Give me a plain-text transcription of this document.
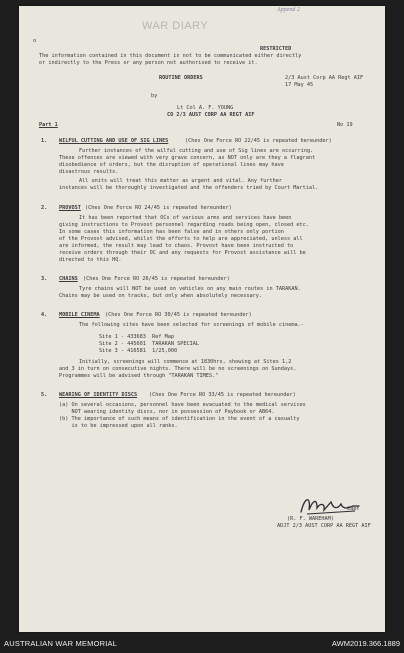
WAR DIARY
Append 2
o
RESTRICTED
The information contained in this document is not to be communicated either directly
or indirectly to the Press or any person not authorised to receive it.
ROUTINE ORDERS	2/3 Aust Corp AA Regt AIF
17 May 45
by
Lt Col A. F. YOUNG
CO 2/3 AUST CORP AA REGT AIF
Part 1	No 19
1. WILFUL CUTTING AND USE OF SIG LINES	(Ches One Force RO 22/45 is repeated hereunder)
Further instances of the wilful cutting and use of Sig lines are occurring.
These offences are viewed with very grave concern, as NOT only are they a flagrant
disobedience of orders, but the disruption of operational lines may have
disastrous results.
All units will treat this matter as urgent and vital. Any further
instances will be thoroughly investigated and the offenders tried by Court Martial.
2. PROVOST (Ches One Force RO 24/45 is repeated hereunder)
It has been reported that OCs of various arms and services have been
giving instructions to Provost personnel regarding roads being open, closed etc.
In some cases this information has been false and in others only portion
of the Provost advised, whilst the efforts to help are appreciated, unless all
are informed, the result may lead to chaos. Provost have been instructed to
receive orders through their OC and any requests for Provost assistance will be
directed to this HQ.
3. CHAINS (Ches One Force RO 26/45 is repeated hereunder)
Tyre chains will NOT be used on vehicles on any main routes in TARAKAN.
Chains may be used on tracks, but only when absolutely necessary.
4. MOBILE CINEMA (Ches One Force RO 30/45 is repeated hereunder)
The following sites have been selected for screenings of mobile cinema.-
Site 1 - 433683  Ref Map
Site 2 - 445601  TARAKAN SPECIAL
Site 3 - 416581  1/25,000
Initially, screenings will commence at 1830hrs, showing at Sites 1,2
and 3 in turn on consecutive nights. There will be no screenings on Sundays.
Programmes will be advised through "TARAKAN TIMES."
5. WEARING OF IDENTITY DISCS (Ches One Force RO 33/45 is repeated hereunder)
(a) On several occasions, personnel have been evacuated to the medical services
NOT wearing identity discs, nor in possession of Paybook or AB64.
(b) The importance of such means of identification in the event of a casualty
is to be impressed upon all ranks.
Capt
(R. F. WAREHAM)
ADJT 2/3 AUST CORP AA REGT AIF
AUSTRALIAN WAR MEMORIAL	AWM2019.366.1889
